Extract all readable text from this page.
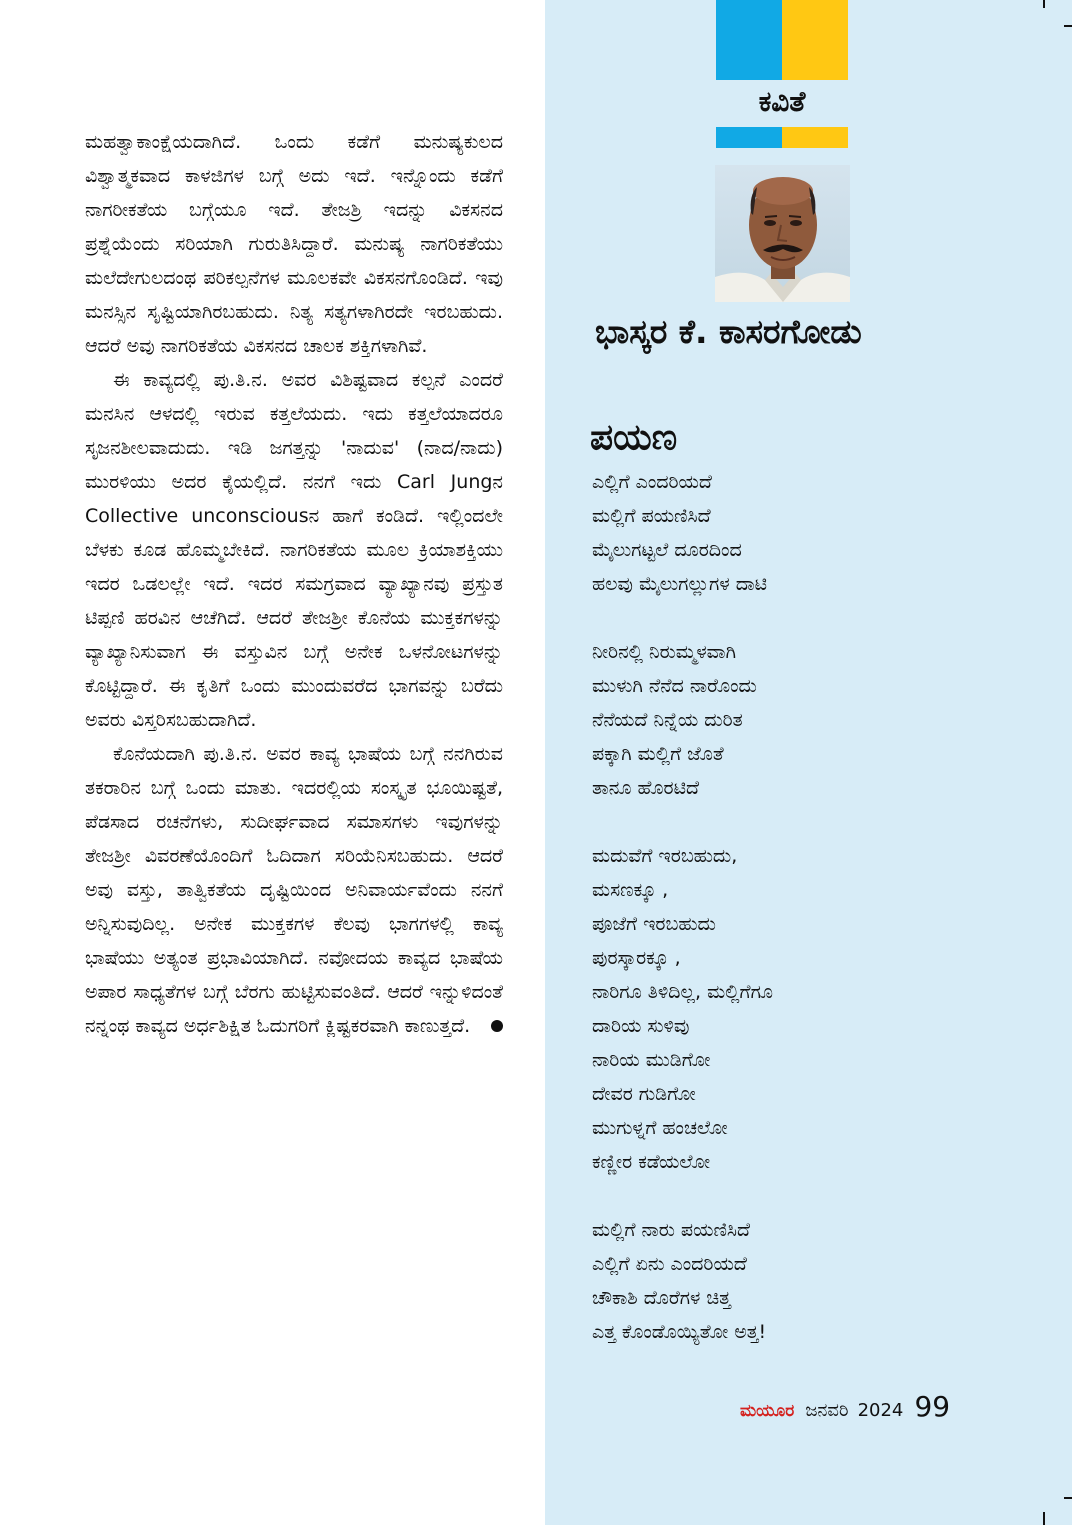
ಮಹತ್ವಾಕಾಂಕ್ಷೆಯದಾಗಿದೆ. ಒಂದು ಕಡೆಗೆ ಮನುಷ್ಯಕುಲದ ವಿಶ್ವಾತ್ಮಕವಾದ ಕಾಳಜಿಗಳ ಬಗ್ಗೆ ಅದು ಇದೆ. ಇನ್ನೊಂದು ಕಡೆಗೆ ನಾಗರೀಕತೆಯ ಬಗ್ಗೆಯೂ ಇದೆ. ತೇಜಶ್ರಿ ಇದನ್ನು ವಿಕಸನದ ಪ್ರಶ್ನೆಯೆಂದು ಸರಿಯಾಗಿ ಗುರುತಿಸಿದ್ದಾರೆ. ಮನುಷ್ಯ ನಾಗರಿಕತೆಯು ಮಲೆದೇಗುಲದಂಥ ಪರಿಕಲ್ಪನೆಗಳ ಮೂಲಕವೇ ವಿಕಸನಗೊಂಡಿದೆ. ಇವು ಮನಸ್ಸಿನ ಸೃಷ್ಟಿಯಾಗಿರಬಹುದು. ನಿತ್ಯ ಸತ್ಯಗಳಾಗಿರದೇ ಇರಬಹುದು. ಆದರೆ ಅವು ನಾಗರಿಕತೆಯ ವಿಕಸನದ ಚಾಲಕ ಶಕ್ತಿಗಳಾಗಿವೆ.

ಈ ಕಾವ್ಯದಲ್ಲಿ ಪು.ತಿ.ನ. ಅವರ ವಿಶಿಷ್ಟವಾದ ಕಲ್ಪನೆ ಎಂದರೆ ಮನಸಿನ ಆಳದಲ್ಲಿ ಇರುವ ಕತ್ತಲೆಯದು. ಇದು ಕತ್ತಲೆಯಾದರೂ ಸೃಜನಶೀಲವಾದುದು. ಇಡಿ ಜಗತ್ತನ್ನು 'ನಾದುವ' (ನಾದ/ನಾದು) ಮುರಳಿಯು ಅದರ ಕೈಯಲ್ಲಿದೆ. ನನಗೆ ಇದು Carl Jungನ Collective unconsciousನ ಹಾಗೆ ಕಂಡಿದೆ. ಇಲ್ಲಿಂದಲೇ ಬೆಳಕು ಕೂಡ ಹೊಮ್ಮಬೇಕಿದೆ. ನಾಗರಿಕತೆಯ ಮೂಲ ಕ್ರಿಯಾಶಕ್ತಿಯು ಇದರ ಒಡಲಲ್ಲೇ ಇದೆ. ಇದರ ಸಮಗ್ರವಾದ ವ್ಯಾಖ್ಯಾನವು ಪ್ರಸ್ತುತ ಟಿಪ್ಪಣಿ ಹರವಿನ ಆಚೆಗಿದೆ. ಆದರೆ ತೇಜಶ್ರೀ ಕೊನೆಯ ಮುಕ್ತಕಗಳನ್ನು ವ್ಯಾಖ್ಯಾನಿಸುವಾಗ ಈ ವಸ್ತುವಿನ ಬಗ್ಗೆ ಅನೇಕ ಒಳನೋಟಗಳನ್ನು ಕೊಟ್ಟಿದ್ದಾರೆ. ಈ ಕೃತಿಗೆ ಒಂದು ಮುಂದುವರೆದ ಭಾಗವನ್ನು ಬರೆದು ಅವರು ವಿಸ್ತರಿಸಬಹುದಾಗಿದೆ.

ಕೊನೆಯದಾಗಿ ಪು.ತಿ.ನ. ಅವರ ಕಾವ್ಯ ಭಾಷೆಯ ಬಗ್ಗೆ ನನಗಿರುವ ತಕರಾರಿನ ಬಗ್ಗೆ ಒಂದು ಮಾತು. ಇದರಲ್ಲಿಯ ಸಂಸ್ಕೃತ ಭೂಯಿಷ್ಟತೆ, ಪೆಡಸಾದ ರಚನೆಗಳು, ಸುದೀರ್ಘವಾದ ಸಮಾಸಗಳು ಇವುಗಳನ್ನು ತೇಜಶ್ರೀ ವಿವರಣೆಯೊಂದಿಗೆ ಓದಿದಾಗ ಸರಿಯೆನಿಸಬಹುದು. ಆದರೆ ಅವು ವಸ್ತು, ತಾತ್ವಿಕತೆಯ ದೃಷ್ಟಿಯಿಂದ ಅನಿವಾರ್ಯವೆಂದು ನನಗೆ ಅನ್ನಿಸುವುದಿಲ್ಲ. ಅನೇಕ ಮುಕ್ತಕಗಳ ಕೆಲವು ಭಾಗಗಳಲ್ಲಿ ಕಾವ್ಯ ಭಾಷೆಯು ಅತ್ಯಂತ ಪ್ರಭಾವಿಯಾಗಿದೆ. ನವೋದಯ ಕಾವ್ಯದ ಭಾಷೆಯ ಅಪಾರ ಸಾಧ್ಯತೆಗಳ ಬಗ್ಗೆ ಬೆರಗು ಹುಟ್ಟಿಸುವಂತಿದೆ. ಆದರೆ ಇನ್ನುಳಿದಂತೆ ನನ್ನಂಥ ಕಾವ್ಯದ ಅರ್ಧಶಿಕ್ಷಿತ ಓದುಗರಿಗೆ ಕ್ಲಿಷ್ಟಕರವಾಗಿ ಕಾಣುತ್ತದೆ.

ಕವಿತೆ
ಭಾಸ್ಕರ ಕೆ. ಕಾಸರಗೋಡು
ಪಯಣ
ಎಲ್ಲಿಗೆ ಎಂದರಿಯದೆ
ಮಲ್ಲಿಗೆ ಪಯಣಿಸಿದೆ
ಮೈಲುಗಟ್ಟಲೆ ದೂರದಿಂದ
ಹಲವು ಮೈಲುಗಲ್ಲುಗಳ ದಾಟಿ
ನೀರಿನಲ್ಲಿ ನಿರುಮ್ಮಳವಾಗಿ
ಮುಳುಗಿ ನೆನೆದ ನಾರೊಂದು
ನೆನೆಯದೆ ನಿನ್ನೆಯ ದುರಿತ
ಪಕ್ಕಾಗಿ ಮಲ್ಲಿಗೆ ಜೊತೆ
ತಾನೂ ಹೊರಟಿದೆ
ಮದುವೆಗೆ ಇರಬಹುದು,
ಮಸಣಕ್ಕೂ ,
ಪೂಜೆಗೆ ಇರಬಹುದು
ಪುರಸ್ಕಾರಕ್ಕೂ ,
ನಾರಿಗೂ ತಿಳಿದಿಲ್ಲ, ಮಲ್ಲಿಗೆಗೂ
ದಾರಿಯ ಸುಳಿವು
ನಾರಿಯ ಮುಡಿಗೋ
ದೇವರ ಗುಡಿಗೋ
ಮುಗುಳ್ನಗೆ ಹಂಚಲೋ
ಕಣ್ಣೀರ ಕಡೆಯಲೋ
ಮಲ್ಲಿಗೆ ನಾರು ಪಯಣಿಸಿದೆ
ಎಲ್ಲಿಗೆ ಏನು ಎಂದರಿಯದೆ
ಚೌಕಾಶಿ ದೊರೆಗಳ ಚಿತ್ತ
ಎತ್ತ ಕೊಂಡೊಯ್ಯಿತೋ ಅತ್ತ!
ಮಯೂರ ಜನವರಿ 2024 99
